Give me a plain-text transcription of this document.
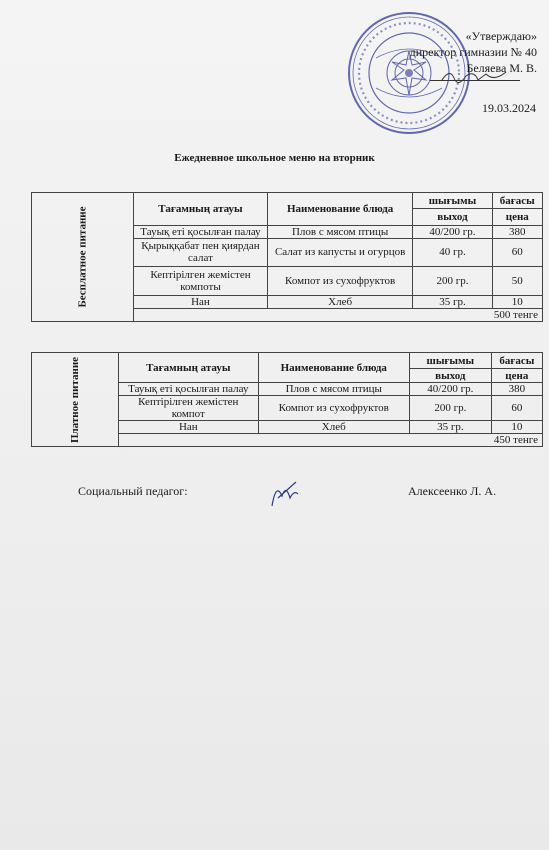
«Утверждаю»
директор гимназии № 40
Беляева М. В.
19.03.2024
Ежедневное школьное меню на вторник
Бесплатное питание	Тағамның атауы	Наименование блюда	шығымы	бағасы
			выход	цена
	Тауық еті қосылған палау	Плов с мясом птицы	40/200 гр.	380
	Қырыққабат пен қиярдан салат	Салат из капусты и огурцов	40 гр.	60
	Кептірілген жемістен компоты	Компот из сухофруктов	200 гр.	50
	Нан	Хлеб	35 гр.	10
	500 тенге			
Платное питание	Тағамның атауы	Наименование блюда	шығымы	бағасы
			выход	цена
	Тауық еті қосылған палау	Плов с мясом птицы	40/200 гр.	380
	Кептірілген жемістен компот	Компот из сухофруктов	200 гр.	60
	Нан	Хлеб	35 гр.	10
	450 тенге			
Социальный педагог:	Алексеенко Л. А.
